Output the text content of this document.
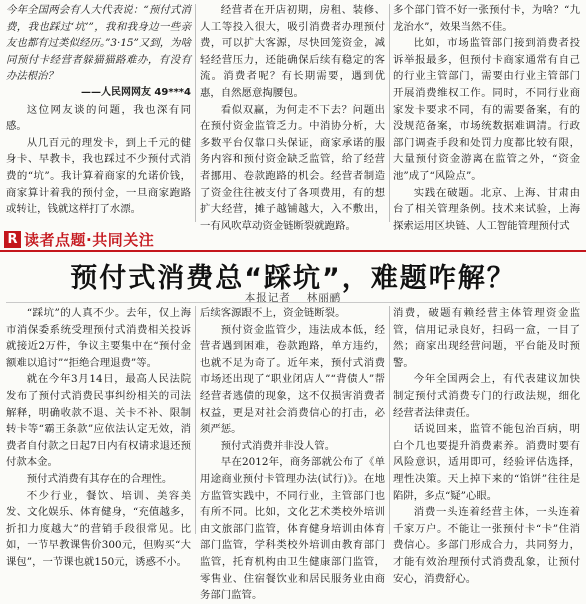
今年全国两会有人大代表说：“预付式消费，我也踩过‘坑’”，我和我身边一些亲友也都有过类似经历。”3·15”又到，为啥同预付卡经营者躲猫猫路难办，有没有办法根治？

——人民网网友 49***4

这位网友谈的问题，我也深有同感。

从几百元的理发卡，到上千元的健身卡、早教卡，我也踩过不少预付式消费的“坑”。我计算着商家的允诺价钱，商家算计着我的预付金，一旦商家跑路或转让，钱就这样打了水漂。

经营者在开店初期，房租、装修、人工等投入很大，吸引消费者办理预付费，可以扩大客源，尽快回笼资金，减轻经营压力，还能确保后续有稳定的客流。消费者呢？有长期需要，遇到优惠，自然愿意掏腰包。

看似双赢，为何走不下去？问题出在预付资金监管乏力。中消协分析，大多数平台仅靠口头保证，商家承诺的服务内容和预付资金缺乏监管，给了经营者挪用、卷款跑路的机会。经营者制造了资金往往被支付了各项费用，有的想扩大经营，摊子越铺越大，入不敷出，一有风吹草动资金链断裂就跑路。

多个部门管不好一张预付卡，为啥？“九龙治水”，效果当然不佳。

比如，市场监管部门接到消费者投诉举报最多，但预付卡商家通常有自己的行业主管部门，需要由行业主管部门开展消费维权工作。同时，不同行业商家发卡要求不同，有的需要备案，有的没规范备案，市场统数据难调清。行政部门调查手段和处罚力度都比较有限，大量预付资金游离在监管之外，“资金池”成了“风险点”。

实践在破题。北京、上海、甘肃由台了相关管理条例。技术来试验，上海探索运用区块链、人工智能管理预付式

R 读者点题·共同关注
预付式消费总“踩坑”，难题咋解？
本报记者 林丽鹂

“踩坑”的人真不少。去年，仅上海市消保委系统受理预付式消费相关投诉就接近2万件，争议主要集中在“预付金额难以追讨”“拒绝合理退费”等。

就在今年3月14日，最高人民法院发布了预付式消费民事纠纷相关的司法解释，明确收款不退、关卡不补、限制转卡等“霸王条款”应依法认定无效，消费者自付款之日起7日内有权请求退还预付款本金。

预付式消费有其存在的合理性。

不少行业，餐饮、培训、美容美发、文化娱乐、体育健身，“充值越多，折扣力度越大”的营销手段很常见。比如，一节早教课售价300元，但购买“大课包”，一节课也就150元，诱惑不小。

后续客源跟不上，资金链断裂。

预付资金监管少，违法成本低，经营者遇到困难，卷款跑路，单方违约，也就不足为奇了。近年来，预付式消费市场还出现了“职业闭店人”“背债人”帮经营者逃债的现象，这不仅损害消费者权益，更是对社会消费信心的打击，必须严惩。

预付式消费并非没人管。

早在2012年，商务部就公布了《单用途商业预付卡管理办法(试行)》。在地方监管实践中，不同行业，主管部门也有所不同。比如，文化艺术类校外培训由文旅部门监管，体育健身培训由体育部门监管，学科类校外培训由教育部门监管，托育机构由卫生健康部门监管，零售业、住宿餐饮业和居民服务业由商务部门监管。

消费，破题有赖经营主体管理资金监管，信用记录良好，扫码一盒，一目了然；商家出现经营问题，平台能及时预警。

今年全国两会上，有代表建议加快制定预付式消费专门的行政法规，细化经营者法律责任。

话说回来，监管不能包治百病，明白个几也要提升消费素养。消费时要有风险意识，适用即可，经验评估选择，理性决策。天上掉下来的“馅饼”往往是陷阱，多点“疑”心眼。

消费一头连着经营主体，一头连着千家万户。不能让一张预付卡“卡”住消费信心。多部门形成合力，共同努力，才能有效治理预付式消费乱象，让预付安心，消费舒心。
